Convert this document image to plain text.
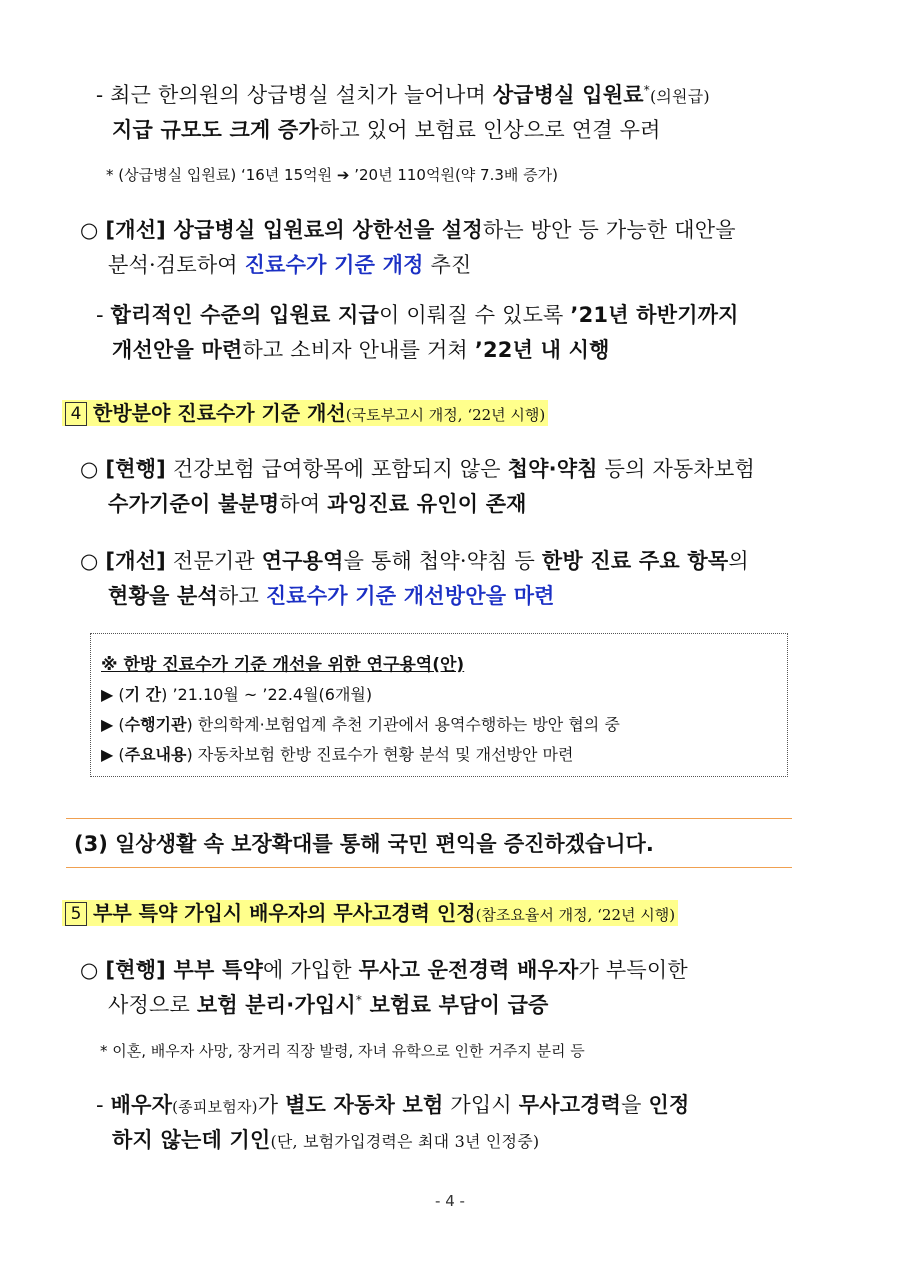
- 최근 한의원의 상급병실 설치가 늘어나며 상급병실 입원료*(의원급)
지급 규모도 크게 증가하고 있어 보험료 인상으로 연결 우려
* (상급병실 입원료) ‘16년 15억원 ➔ ’20년 110억원(약 7.3배 증가)
○ [개선] 상급병실 입원료의 상한선을 설정하는 방안 등 가능한 대안을
분석·검토하여 진료수가 기준 개정 추진
- 합리적인 수준의 입원료 지급이 이뤄질 수 있도록 ’21년 하반기까지
개선안을 마련하고 소비자 안내를 거쳐 ’22년 내 시행
4 한방분야 진료수가 기준 개선(국토부고시 개정, ‘22년 시행)
○ [현행] 건강보험 급여항목에 포함되지 않은 첩약·약침 등의 자동차보험
수가기준이 불분명하여 과잉진료 유인이 존재
○ [개선] 전문기관 연구용역을 통해 첩약·약침 등 한방 진료 주요 항목의
현황을 분석하고 진료수가 기준 개선방안을 마련
※ 한방 진료수가 기준 개선을 위한 연구용역(안)
▶ (기 간) ’21.10월 ~ ’22.4월(6개월)
▶ (수행기관) 한의학계·보험업계 추천 기관에서 용역수행하는 방안 협의 중
▶ (주요내용) 자동차보험 한방 진료수가 현황 분석 및 개선방안 마련
(3) 일상생활 속 보장확대를 통해 국민 편익을 증진하겠습니다.
5 부부 특약 가입시 배우자의 무사고경력 인정(참조요율서 개정, ‘22년 시행)
○ [현행] 부부 특약에 가입한 무사고 운전경력 배우자가 부득이한
사정으로 보험 분리·가입시* 보험료 부담이 급증
* 이혼, 배우자 사망, 장거리 직장 발령, 자녀 유학으로 인한 거주지 분리 등
- 배우자(종피보험자)가 별도 자동차 보험 가입시 무사고경력을 인정
하지 않는데 기인(단, 보험가입경력은 최대 3년 인정중)
- 4 -
